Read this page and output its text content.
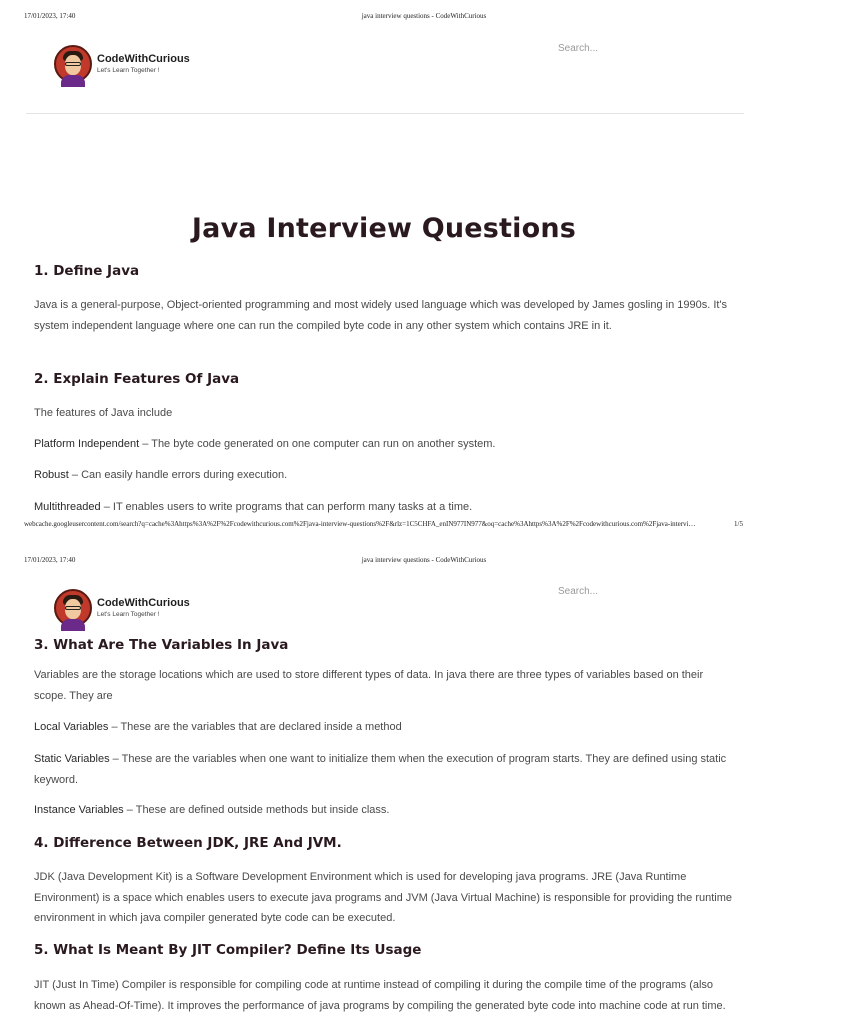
17/01/2023, 17:40	java interview questions - CodeWithCurious
CodeWithCurious
Let's Learn Together !
Search...
Java Interview Questions
1. Define Java
Java is a general-purpose, Object-oriented programming and most widely used language which was developed by James gosling in 1990s. It's system independent language where one can run the compiled byte code in any other system which contains JRE in it.
2. Explain Features Of Java
The features of Java include
Platform Independent – The byte code generated on one computer can run on another system.
Robust – Can easily handle errors during execution.
Multithreaded – IT enables users to write programs that can perform many tasks at a time.
webcache.googleusercontent.com/search?q=cache%3Ahttps%3A%2F%2Fcodewithcurious.com%2Fjava-interview-questions%2F&rlz=1C5CHFA_enIN977IN977&oq=cache%3Ahttps%3A%2F%2Fcodewithcurious.com%2Fjava-intervi…	1/5
17/01/2023, 17:40	java interview questions - CodeWithCurious
CodeWithCurious
Let's Learn Together !
Search...
3. What Are The Variables In Java
Variables are the storage locations which are used to store different types of data. In java there are three types of variables based on their scope. They are
Local Variables – These are the variables that are declared inside a method
Static Variables – These are the variables when one want to initialize them when the execution of program starts. They are defined using static keyword.
Instance Variables – These are defined outside methods but inside class.
4. Difference Between JDK, JRE And JVM.
JDK (Java Development Kit) is a Software Development Environment which is used for developing java programs. JRE (Java Runtime Environment) is a space which enables users to execute java programs and JVM (Java Virtual Machine) is responsible for providing the runtime environment in which java compiler generated byte code can be executed.
5. What Is Meant By JIT Compiler? Define Its Usage
JIT (Just In Time) Compiler is responsible for compiling code at runtime instead of compiling it during the compile time of the programs (also known as Ahead-Of-Time). It improves the performance of java programs by compiling the generated byte code into machine code at run time.
